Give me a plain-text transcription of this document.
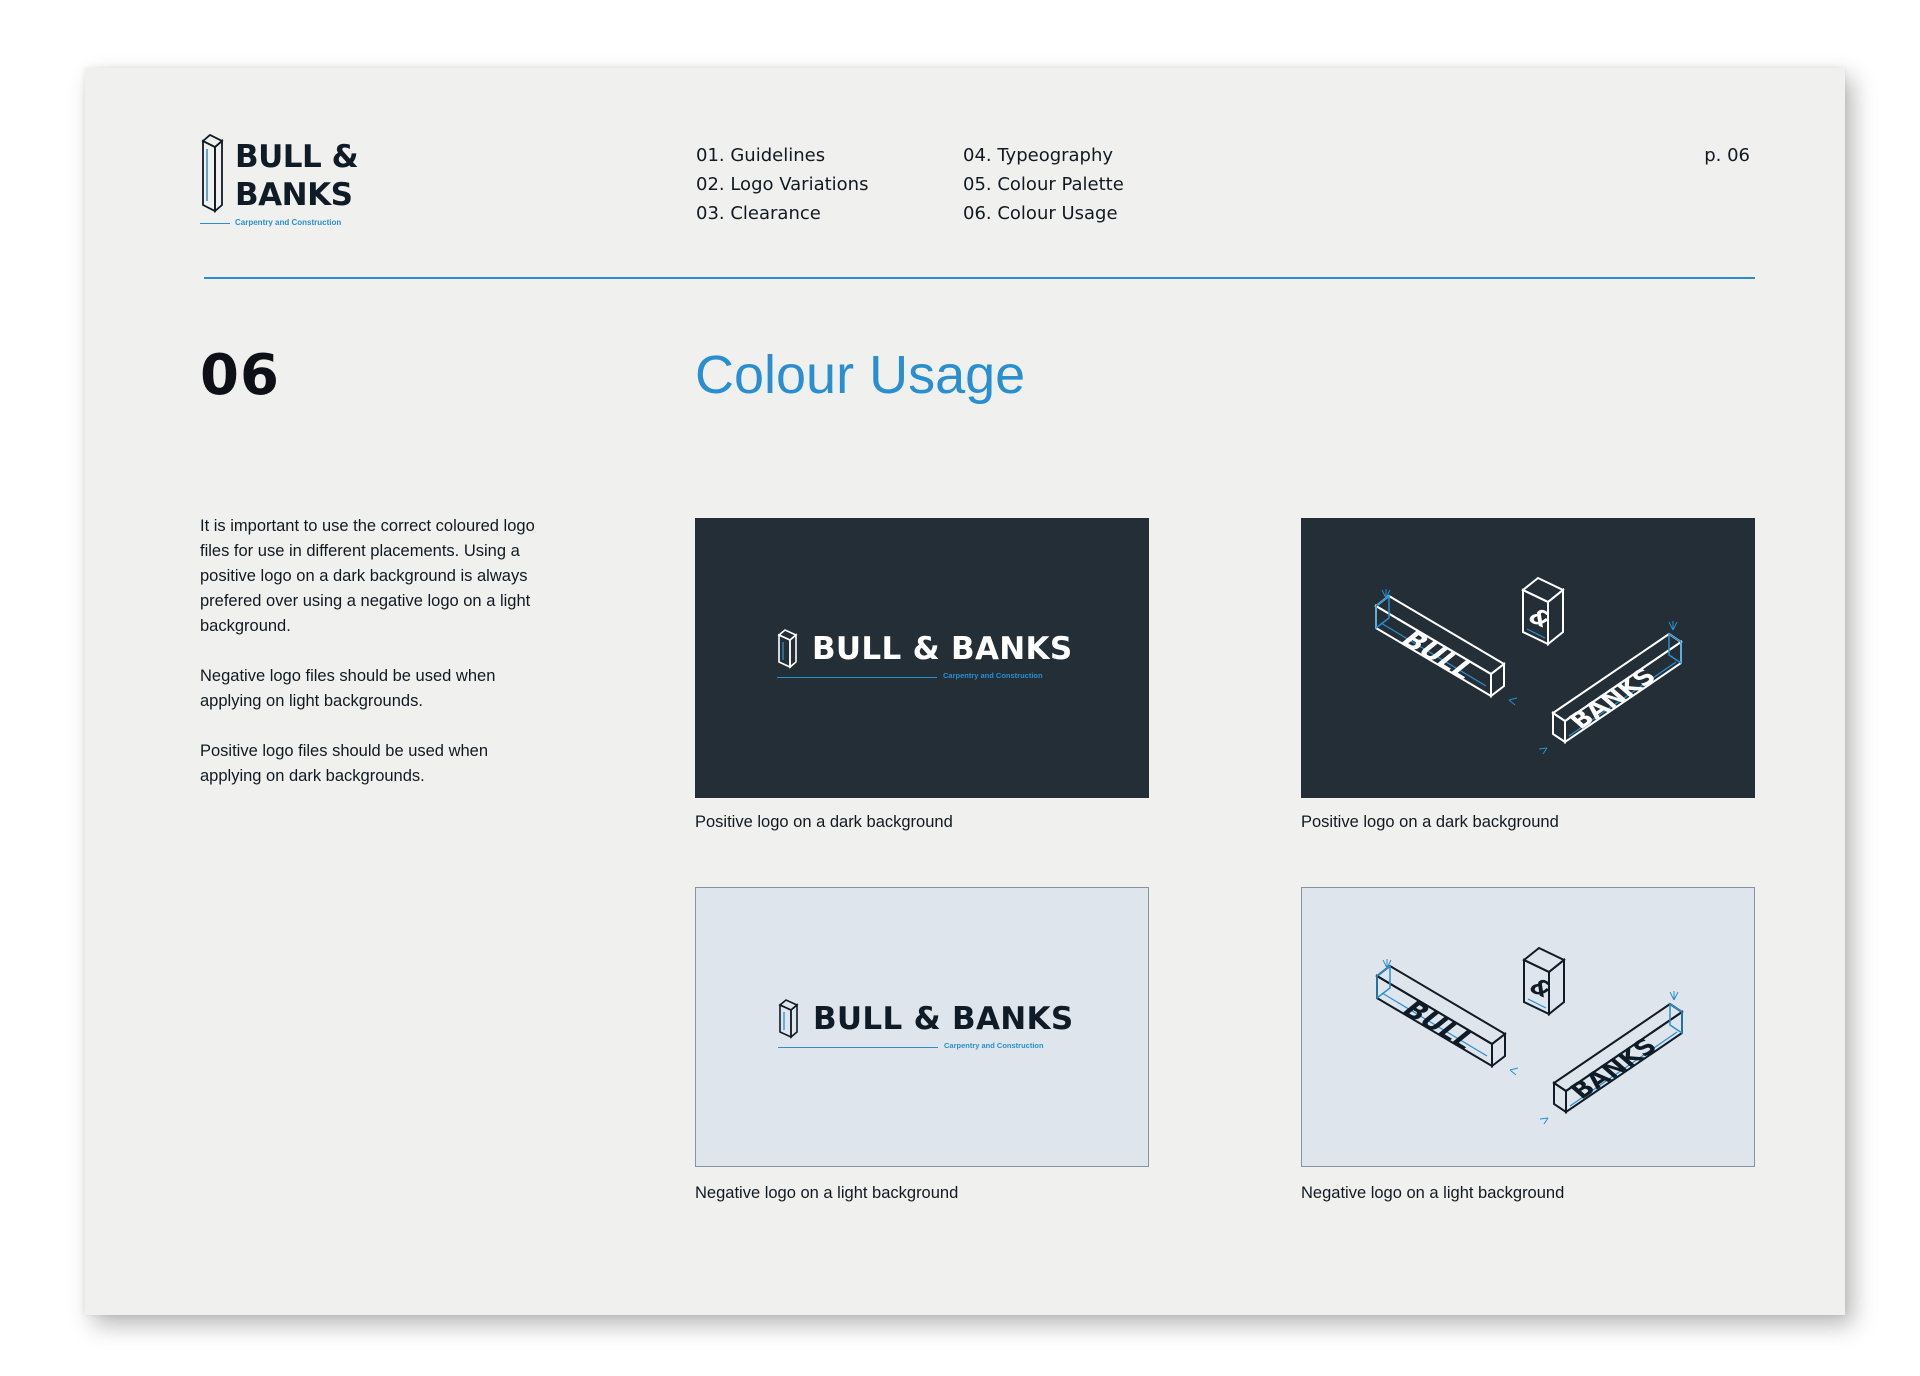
BULL &
BANKS
Carpentry and Construction
01. Guidelines
02. Logo Variations
03. Clearance
04. Typeography
05. Colour Palette
06. Colour Usage
p. 06
06	Colour Usage

It is important to use the correct coloured logo files for use in different placements. Using a positive logo on a dark background is always prefered over using a negative logo on a light background.

Negative logo files should be used when applying on light backgrounds.

Positive logo files should be used when applying on dark backgrounds.

BULL & BANKS
Carpentry and Construction
Positive logo on a dark background
BULL
&
BANKS
Positive logo on a dark background
BULL & BANKS
Carpentry and Construction
Negative logo on a light background
BULL
&
BANKS
Negative logo on a light background
